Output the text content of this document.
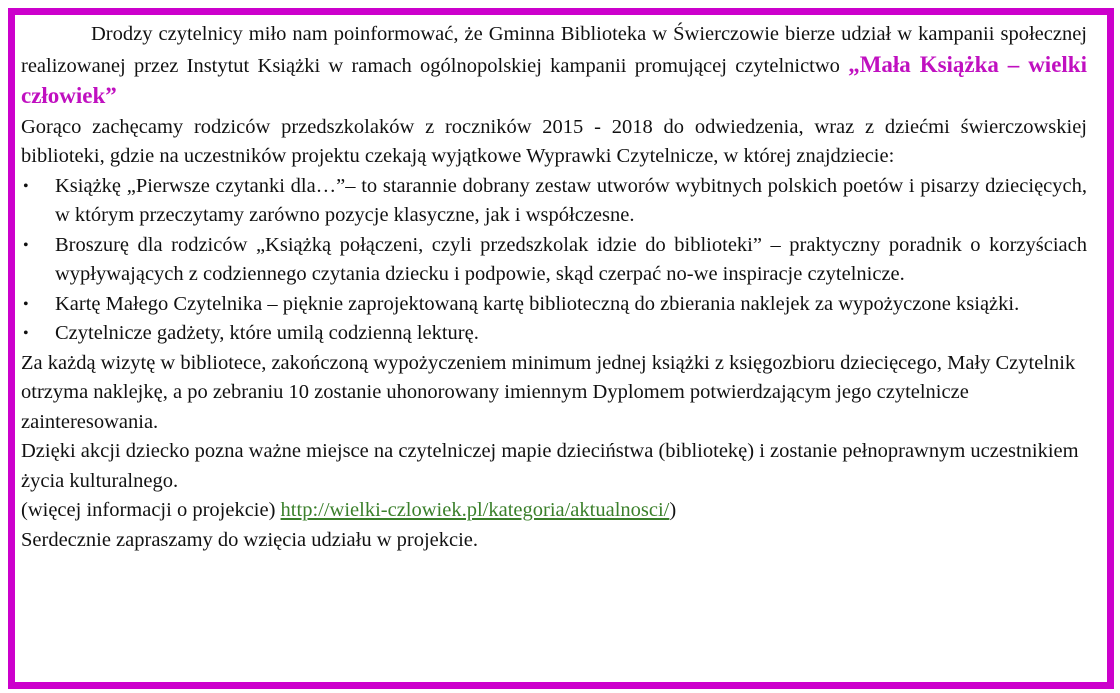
Drodzy czytelnicy miło nam poinformować, że Gminna Biblioteka w Świerczowie bierze udział w kampanii społecznej realizowanej przez Instytut Książki w ramach ogólnopolskiej kampanii promującej czytelnictwo „Mała Książka – wielki człowiek”

Gorąco zachęcamy rodziców przedszkolaków z roczników 2015 - 2018 do odwiedzenia, wraz z dziećmi świerczowskiej biblioteki, gdzie na uczestników projektu czekają wyjątkowe Wyprawki Czytelnicze, w której znajdziecie:

• Książkę „Pierwsze czytanki dla…”– to starannie dobrany zestaw utworów wybitnych polskich poetów i pisarzy dziecięcych, w którym przeczytamy zarówno pozycje klasyczne, jak i współczesne.
• Broszurę dla rodziców „Książką połączeni, czyli przedszkolak idzie do biblioteki” – praktyczny poradnik o korzyściach wypływających z codziennego czytania dziecku i podpowie, skąd czerpać no-we inspiracje czytelnicze.
• Kartę Małego Czytelnika – pięknie zaprojektowaną kartę biblioteczną do zbierania naklejek za wypożyczone książki.
• Czytelnicze gadżety, które umilą codzienną lekturę.

Za każdą wizytę w bibliotece, zakończoną wypożyczeniem minimum jednej książki z księgozbioru dziecięcego, Mały Czytelnik otrzyma naklejkę, a po zebraniu 10 zostanie uhonorowany imiennym Dyplomem potwierdzającym jego czytelnicze zainteresowania.

Dzięki akcji dziecko pozna ważne miejsce na czytelniczej mapie dzieciństwa (bibliotekę) i zostanie pełnoprawnym uczestnikiem życia kulturalnego.

(więcej informacji o projekcie) http://wielki-czlowiek.pl/kategoria/aktualnosci/)

Serdecznie zapraszamy do wzięcia udziału w projekcie.
